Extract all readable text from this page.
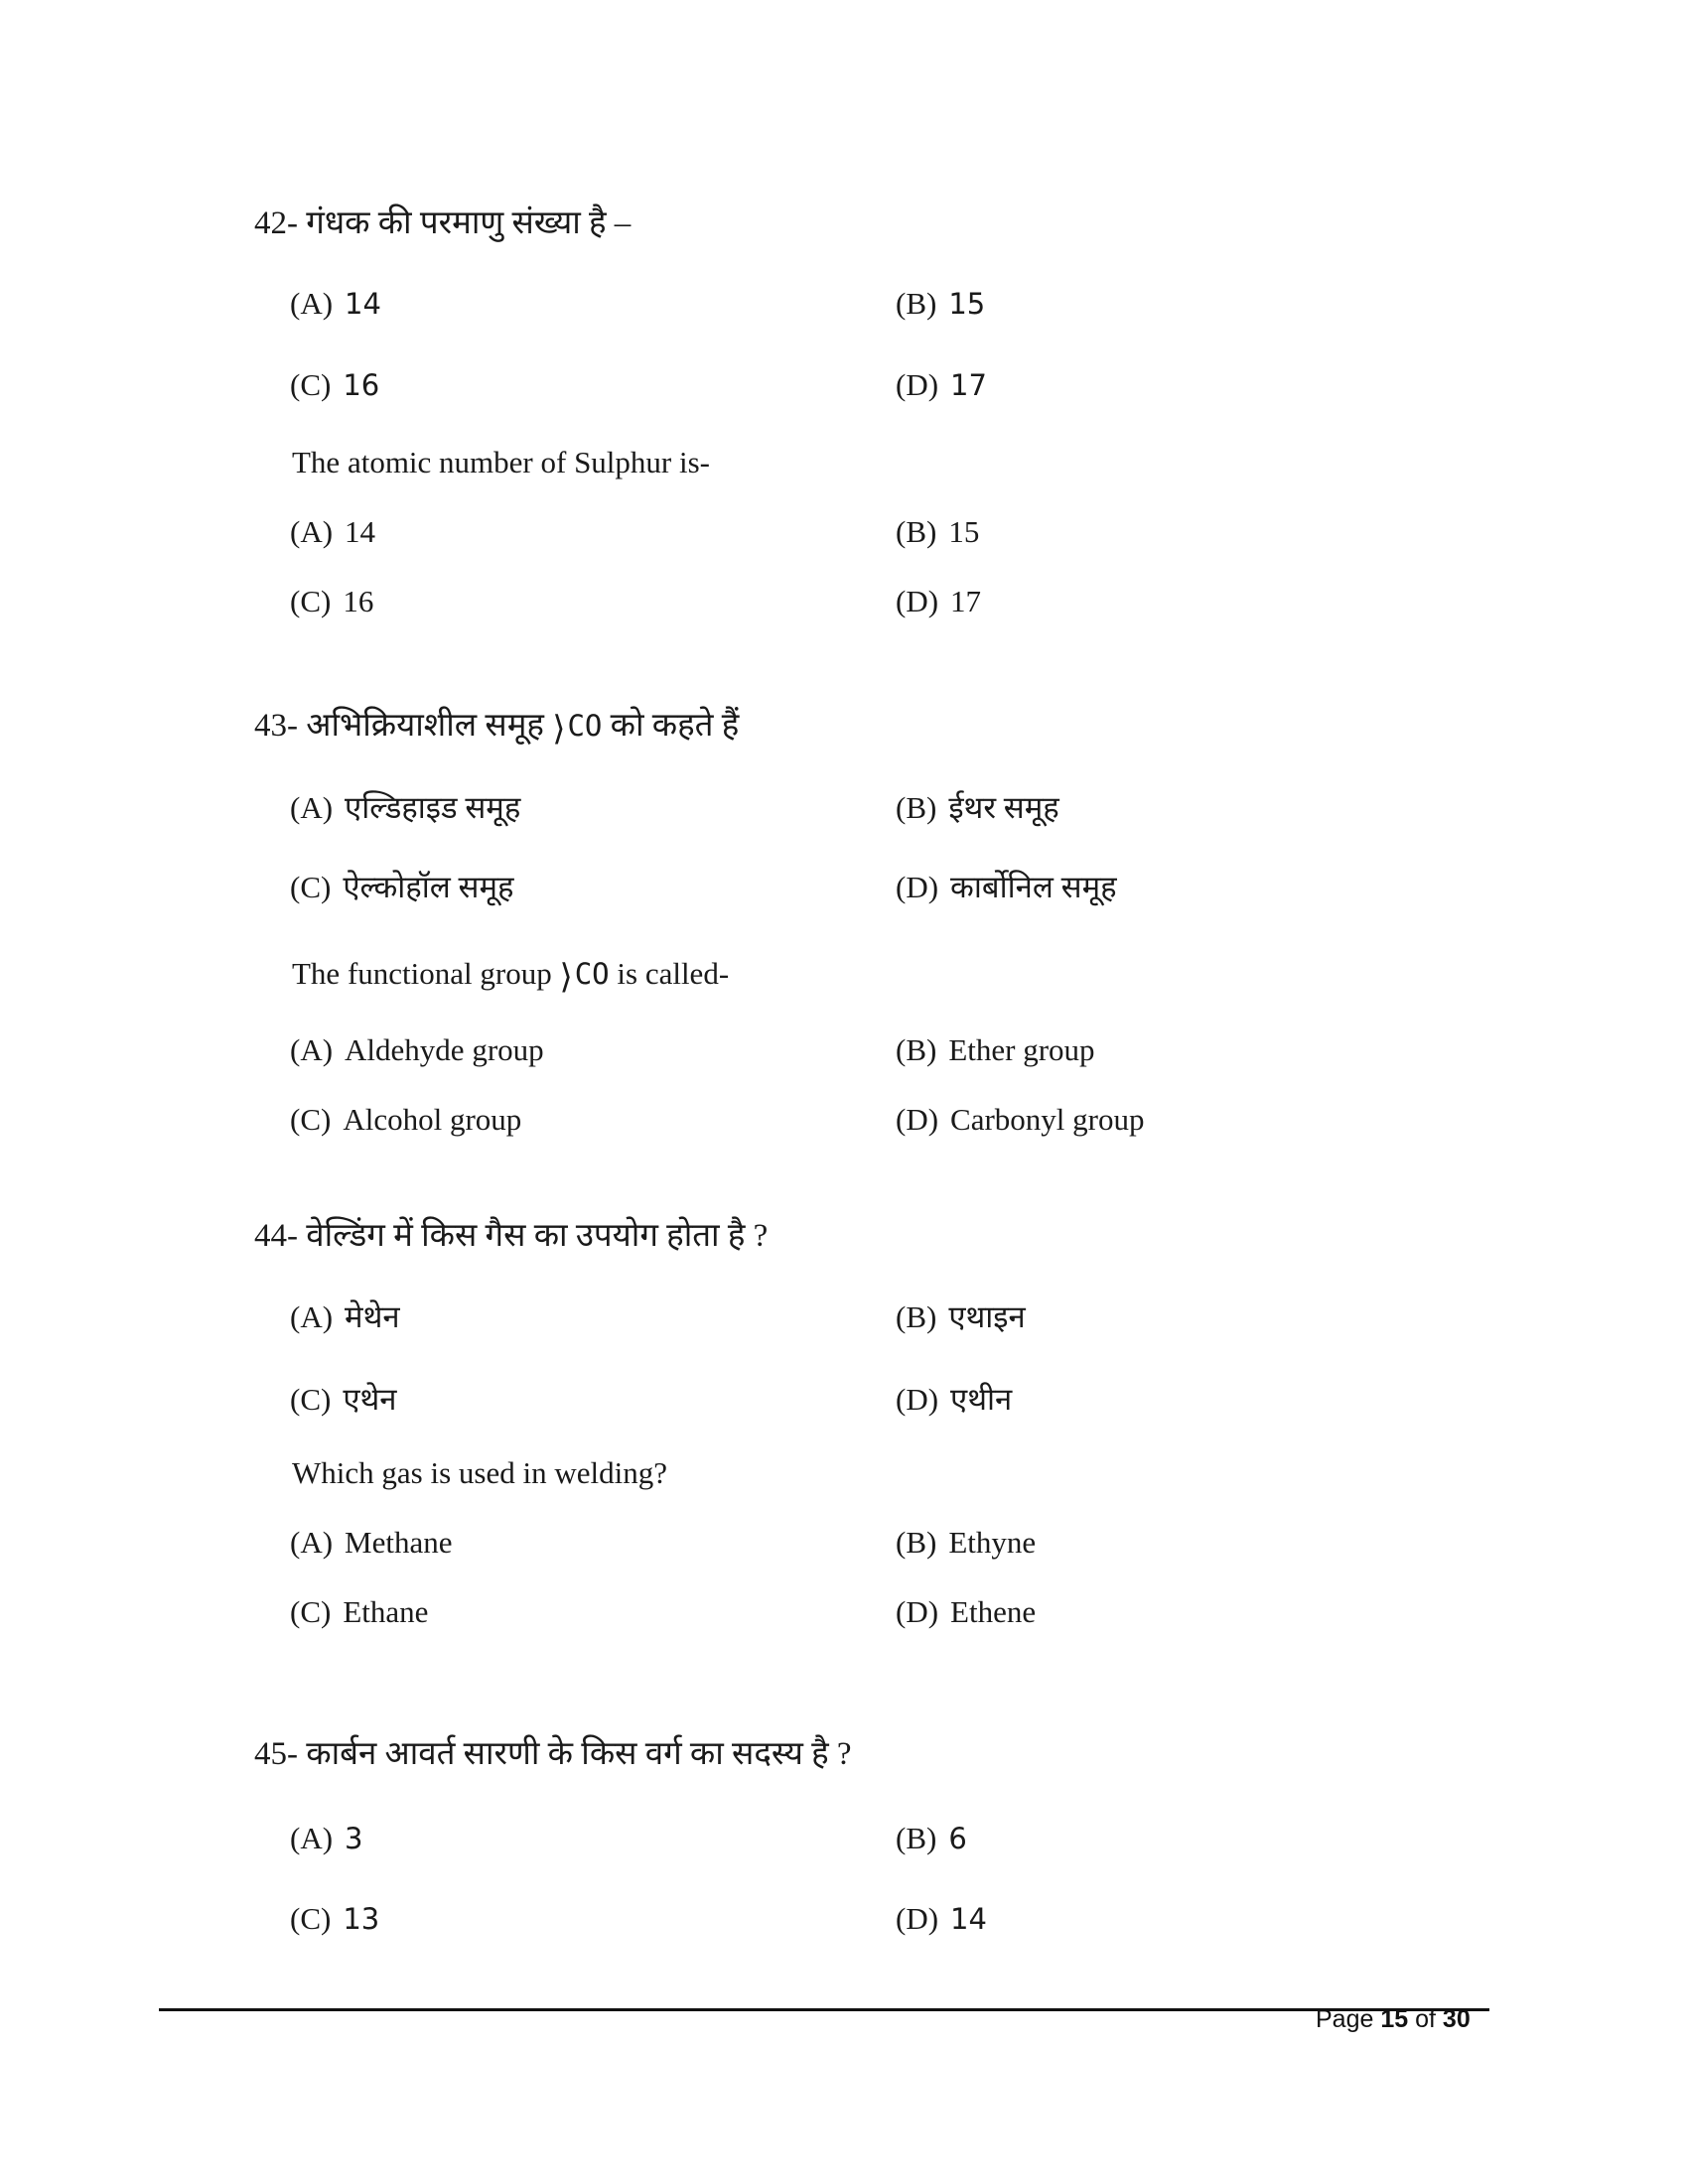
42- गंधक की परमाणु संख्या है –
(A) 14	(B) 15
(C) 16	(D) 17
The atomic number of Sulphur is-
(A) 14	(B) 15
(C) 16	(D) 17
43- अभिक्रियाशील समूह ⟩CO को कहते हैं
(A) एल्डिहाइड समूह	(B) ईथर समूह
(C) ऐल्कोहॉल समूह	(D) कार्बोनिल समूह
The functional group ⟩CO is called-
(A) Aldehyde group	(B) Ether group
(C) Alcohol group	(D) Carbonyl group
44- वेल्डिंग में किस गैस का उपयोग होता है ?
(A) मेथेन	(B) एथाइन
(C) एथेन	(D) एथीन
Which gas is used in welding?
(A) Methane	(B) Ethyne
(C) Ethane	(D) Ethene
45- कार्बन आवर्त सारणी के किस वर्ग का सदस्य है ?
(A) 3	(B) 6
(C) 13	(D) 14
Page 15 of 30
